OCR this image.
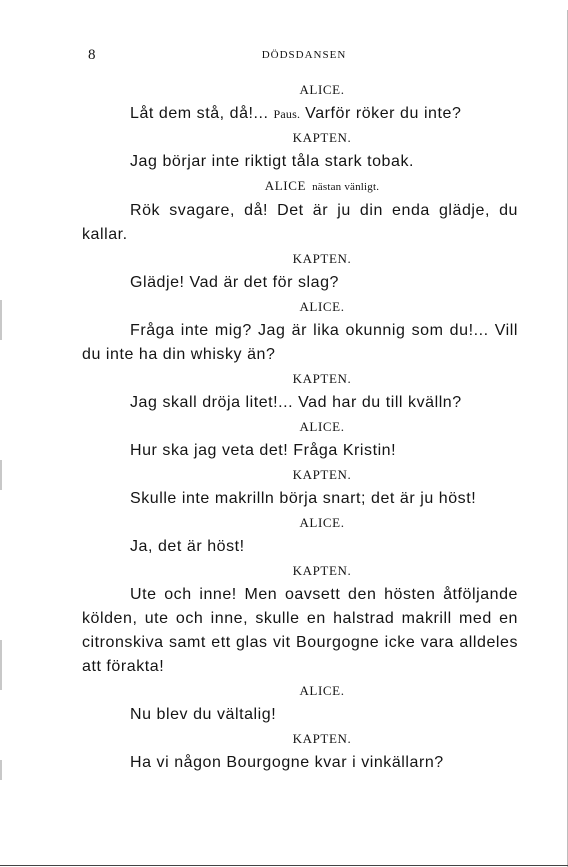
8	DÖDSDANSEN
ALICE.

Låt dem stå, då!... Paus. Varför röker du inte?

KAPTEN.

Jag börjar inte riktigt tåla stark tobak.

ALICE nästan vänligt.

Rök svagare, då! Det är ju din enda glädje, du kallar.

KAPTEN.

Glädje! Vad är det för slag?

ALICE.

Fråga inte mig? Jag är lika okunnig som du!... Vill du inte ha din whisky än?

KAPTEN.

Jag skall dröja litet!... Vad har du till kvälln?

ALICE.

Hur ska jag veta det! Fråga Kristin!

KAPTEN.

Skulle inte makrilln börja snart; det är ju höst!

ALICE.

Ja, det är höst!

KAPTEN.

Ute och inne! Men oavsett den hösten åtföljande kölden, ute och inne, skulle en halstrad makrill med en citronskiva samt ett glas vit Bourgogne icke vara alldeles att förakta!

ALICE.

Nu blev du vältalig!

KAPTEN.

Ha vi någon Bourgogne kvar i vinkällarn?
